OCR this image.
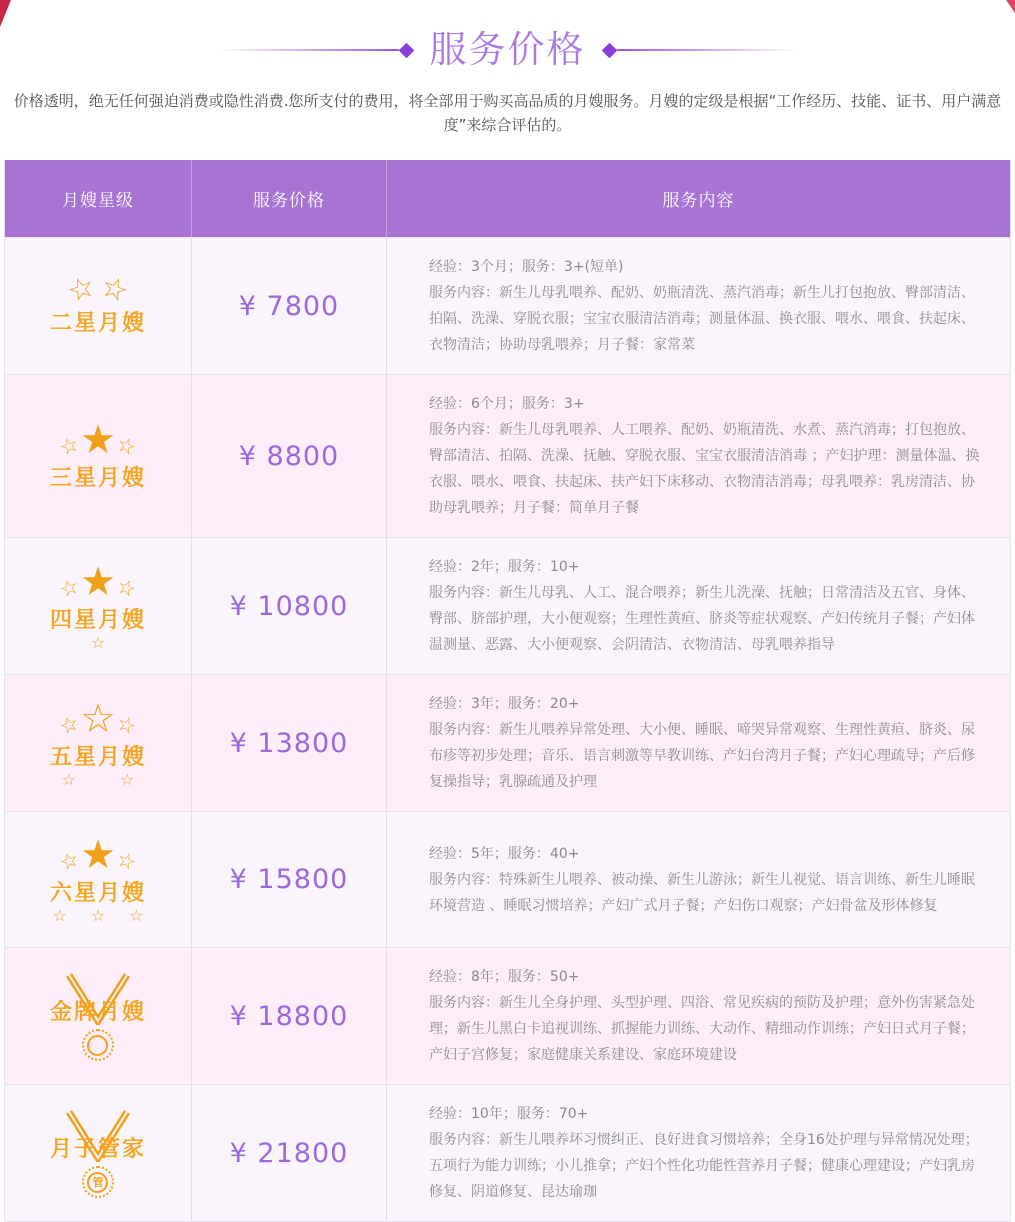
服务价格

价格透明，绝无任何强迫消费或隐性消费.您所支付的费用，将全部用于购买高品质的月嫂服务。月嫂的定级是根据“工作经历、技能、证书、用户满意度”来综合评估的。

月嫂星级	服务价格	服务内容
☆
☆
二星月嫂
¥ 7800

经验：3个月；服务：3+(短单)

服务内容：新生儿母乳喂养、配奶、奶瓶清洗、蒸汽消毒；新生儿打包抱放、臀部清洁、拍隔、洗澡、穿脱衣服；宝宝衣服清洁消毒；测量体温、换衣服、喂水、喂食、扶起床、衣物清洁；协助母乳喂养；月子餐：家常菜

☆
★
☆
三星月嫂
¥ 8800

经验：6个月；服务：3+

服务内容：新生儿母乳喂养、人工喂养、配奶、奶瓶清洗、水煮、蒸汽消毒；打包抱放、臀部清洁、拍隔、洗澡、抚触、穿脱衣服、宝宝衣服清洁消毒 ；产妇护理：测量体温、换衣服、喂水、喂食、扶起床、扶产妇下床移动、衣物清洁消毒；母乳喂养：乳房清洁、协助母乳喂养；月子餐：简单月子餐

☆
★
☆
四星月嫂
☆
¥ 10800

经验：2年；服务：10+

服务内容：新生儿母乳、人工、混合喂养；新生儿洗澡、抚触；日常清洁及五官、身体、臀部、脐部护理，大小便观察；生理性黄疸、脐炎等症状观察、产妇传统月子餐；产妇体温测量、恶露、大小便观察、会阴清洁、衣物清洁、母乳喂养指导

☆
☆
☆
五星月嫂
☆	☆
¥ 13800

经验：3年；服务：20+

服务内容：新生儿喂养异常处理、大小便、睡眠、啼哭异常观察、生理性黄疸、脐炎、尿布疹等初步处理；音乐、语言刺激等早教训练、产妇台湾月子餐；产妇心理疏导；产后修复操指导；乳腺疏通及护理

☆
★
☆
六星月嫂
☆ ☆ ☆
¥ 15800

经验：5年；服务：40+

服务内容：特殊新生儿喂养、被动操、新生儿游泳；新生儿视觉、语言训练、新生儿睡眠环境营造 、睡眠习惯培养；产妇广式月子餐；产妇伤口观察；产妇骨盆及形体修复

金牌月嫂	¥ 18800

经验：8年；服务：50+

服务内容：新生儿全身护理、头型护理、四浴、常见疾病的预防及护理；意外伤害紧急处理；新生儿黑白卡追视训练、抓握能力训练、大动作、精细动作训练；产妇日式月子餐；产妇子宫修复；家庭健康关系建设、家庭环境建设

月子管家
管
¥ 21800

经验：10年；服务：70+

服务内容：新生儿喂养坏习惯纠正、良好进食习惯培养；全身16处护理与异常情况处理；五项行为能力训练；小儿推拿；产妇个性化功能性营养月子餐；健康心理建设；产妇乳房修复、阴道修复、昆达瑜珈
